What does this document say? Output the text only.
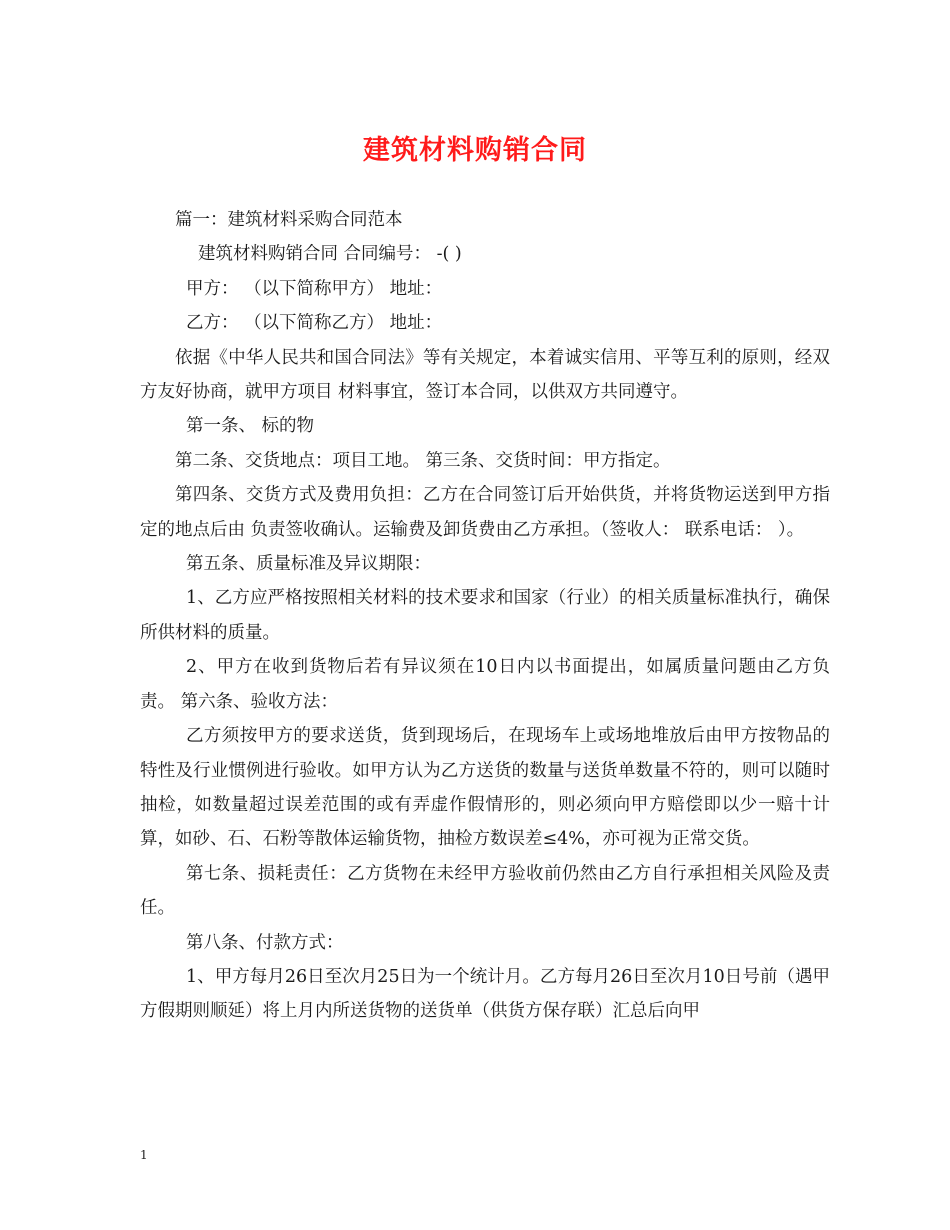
建筑材料购销合同

篇一：建筑材料采购合同范本

建筑材料购销合同 合同编号： -( )

甲方： （以下简称甲方） 地址：

乙方： （以下简称乙方） 地址：

依据《中华人民共和国合同法》等有关规定，本着诚实信用、平等互利的原则，经双方友好协商，就甲方项目 材料事宜，签订本合同，以供双方共同遵守。

第一条、 标的物

第二条、交货地点：项目工地。 第三条、交货时间：甲方指定。

第四条、交货方式及费用负担：乙方在合同签订后开始供货，并将货物运送到甲方指定的地点后由 负责签收确认。运输费及卸货费由乙方承担。（签收人： 联系电话： ）。

第五条、质量标准及异议期限：

1、乙方应严格按照相关材料的技术要求和国家（行业）的相关质量标准执行，确保所供材料的质量。

2、甲方在收到货物后若有异议须在10日内以书面提出，如属质量问题由乙方负责。 第六条、验收方法：

乙方须按甲方的要求送货，货到现场后，在现场车上或场地堆放后由甲方按物品的特性及行业惯例进行验收。如甲方认为乙方送货的数量与送货单数量不符的，则可以随时抽检，如数量超过误差范围的或有弄虚作假情形的，则必须向甲方赔偿即以少一赔十计算，如砂、石、石粉等散体运输货物，抽检方数误差≤4%，亦可视为正常交货。

第七条、损耗责任：乙方货物在未经甲方验收前仍然由乙方自行承担相关风险及责任。

第八条、付款方式：

1、甲方每月26日至次月25日为一个统计月。乙方每月26日至次月10日号前（遇甲方假期则顺延）将上月内所送货物的送货单（供货方保存联）汇总后向甲

1
